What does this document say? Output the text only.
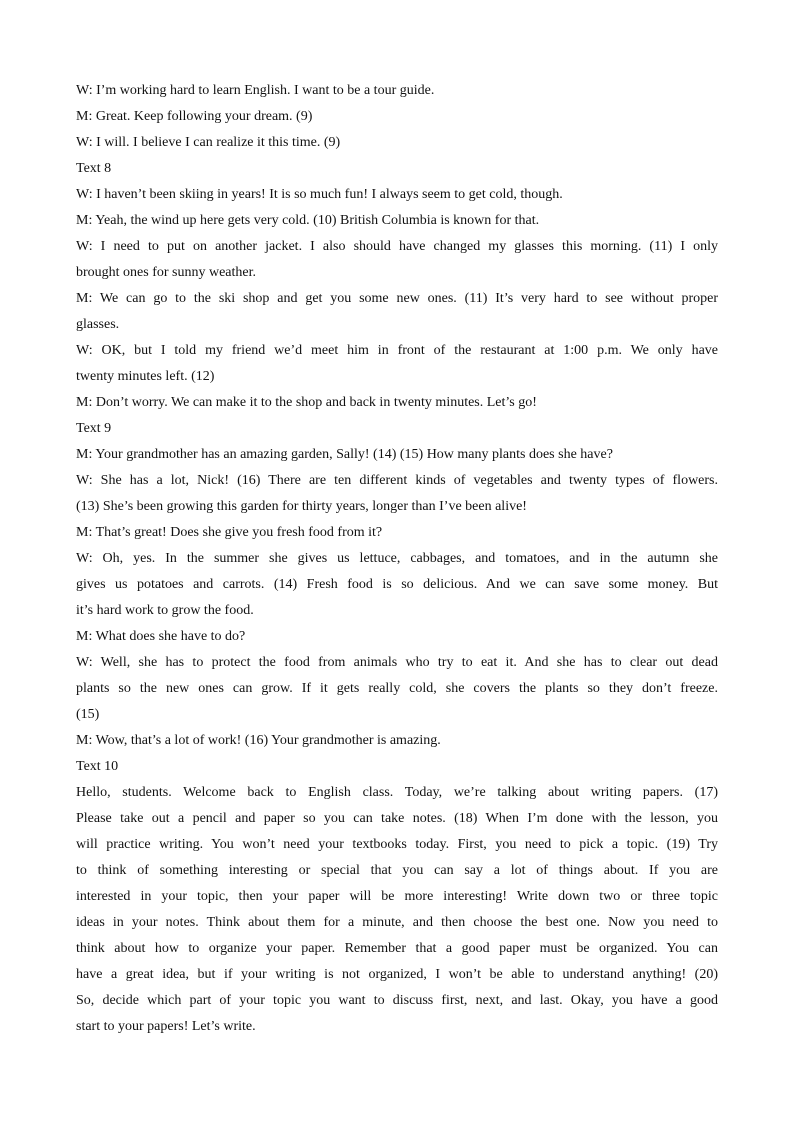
W: I’m working hard to learn English. I want to be a tour guide.
M: Great. Keep following your dream. (9)
W: I will. I believe I can realize it this time. (9)
Text 8
W: I haven’t been skiing in years! It is so much fun! I always seem to get cold, though.
M: Yeah, the wind up here gets very cold. (10) British Columbia is known for that.
W: I need to put on another jacket. I also should have changed my glasses this morning. (11) I only
brought ones for sunny weather.
M: We can go to the ski shop and get you some new ones. (11) It’s very hard to see without proper
glasses.
W: OK, but I told my friend we’d meet him in front of the restaurant at 1:00 p.m. We only have
twenty minutes left. (12)
M: Don’t worry. We can make it to the shop and back in twenty minutes. Let’s go!
Text 9
M: Your grandmother has an amazing garden, Sally! (14) (15) How many plants does she have?
W: She has a lot, Nick! (16) There are ten different kinds of vegetables and twenty types of flowers.
(13) She’s been growing this garden for thirty years, longer than I’ve been alive!
M: That’s great! Does she give you fresh food from it?
W: Oh, yes. In the summer she gives us lettuce, cabbages, and tomatoes, and in the autumn she
gives us potatoes and carrots. (14) Fresh food is so delicious. And we can save some money. But
it’s hard work to grow the food.
M: What does she have to do?
W: Well, she has to protect the food from animals who try to eat it. And she has to clear out dead
plants so the new ones can grow. If it gets really cold, she covers the plants so they don’t freeze.
(15)
M: Wow, that’s a lot of work! (16) Your grandmother is amazing.
Text 10
Hello, students. Welcome back to English class. Today, we’re talking about writing papers. (17)
Please take out a pencil and paper so you can take notes. (18) When I’m done with the lesson, you
will practice writing. You won’t need your textbooks today. First, you need to pick a topic. (19) Try
to think of something interesting or special that you can say a lot of things about. If you are
interested in your topic, then your paper will be more interesting! Write down two or three topic
ideas in your notes. Think about them for a minute, and then choose the best one. Now you need to
think about how to organize your paper. Remember that a good paper must be organized. You can
have a great idea, but if your writing is not organized, I won’t be able to understand anything! (20)
So, decide which part of your topic you want to discuss first, next, and last. Okay, you have a good
start to your papers! Let’s write.
